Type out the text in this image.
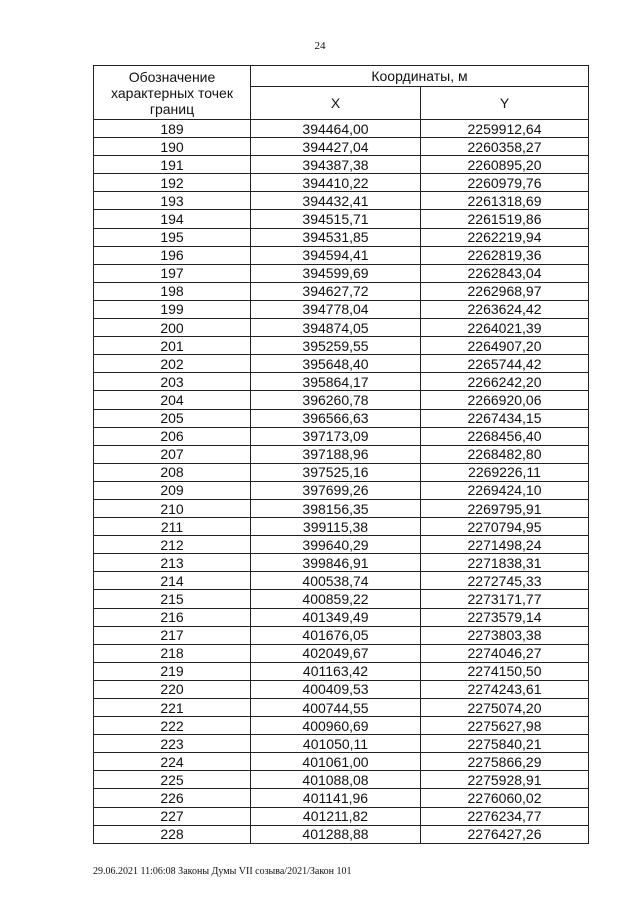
24
Обозначение характерных точек границ	Координаты, м	
	X	Y
189	394464,00	2259912,64
190	394427,04	2260358,27
191	394387,38	2260895,20
192	394410,22	2260979,76
193	394432,41	2261318,69
194	394515,71	2261519,86
195	394531,85	2262219,94
196	394594,41	2262819,36
197	394599,69	2262843,04
198	394627,72	2262968,97
199	394778,04	2263624,42
200	394874,05	2264021,39
201	395259,55	2264907,20
202	395648,40	2265744,42
203	395864,17	2266242,20
204	396260,78	2266920,06
205	396566,63	2267434,15
206	397173,09	2268456,40
207	397188,96	2268482,80
208	397525,16	2269226,11
209	397699,26	2269424,10
210	398156,35	2269795,91
211	399115,38	2270794,95
212	399640,29	2271498,24
213	399846,91	2271838,31
214	400538,74	2272745,33
215	400859,22	2273171,77
216	401349,49	2273579,14
217	401676,05	2273803,38
218	402049,67	2274046,27
219	401163,42	2274150,50
220	400409,53	2274243,61
221	400744,55	2275074,20
222	400960,69	2275627,98
223	401050,11	2275840,21
224	401061,00	2275866,29
225	401088,08	2275928,91
226	401141,96	2276060,02
227	401211,82	2276234,77
228	401288,88	2276427,26
29.06.2021 11:06:08 Законы Думы VII созыва/2021/Закон 101
